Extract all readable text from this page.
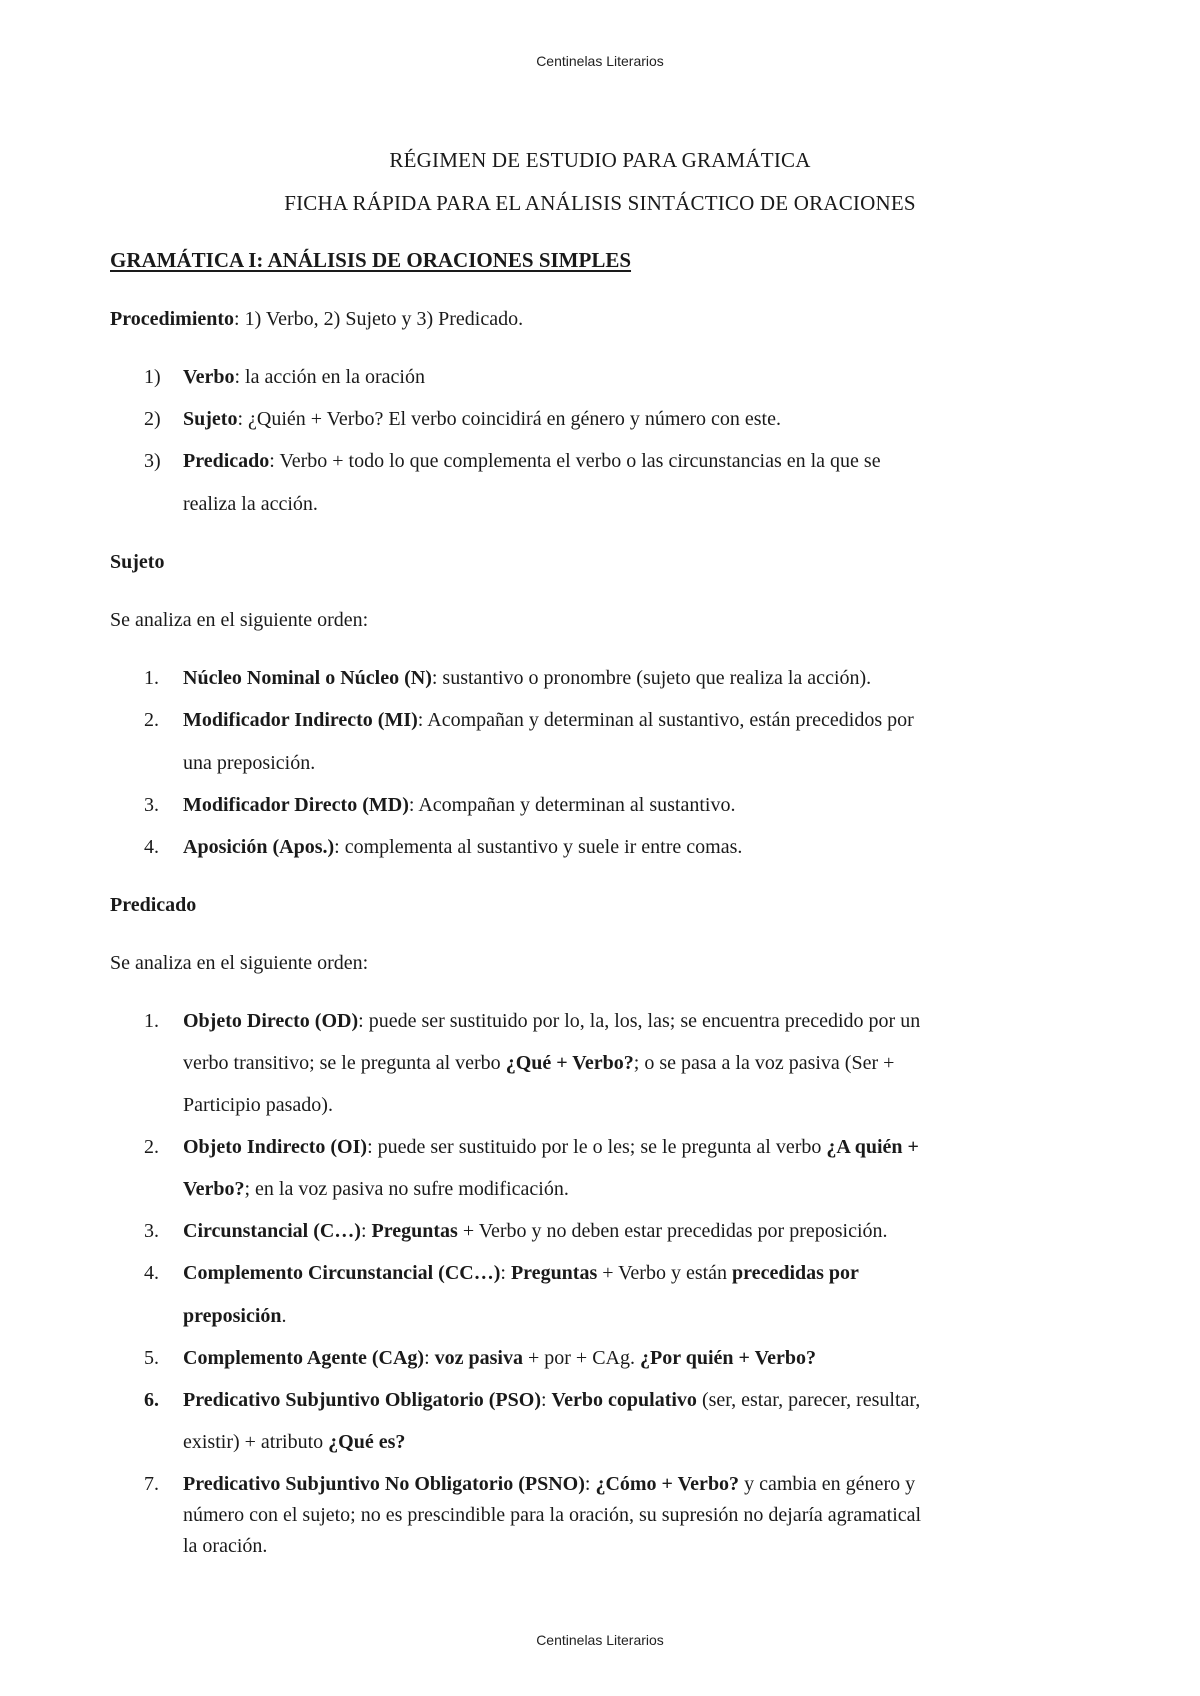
Centinelas Literarios
RÉGIMEN DE ESTUDIO PARA GRAMÁTICA
FICHA RÁPIDA PARA EL ANÁLISIS SINTÁCTICO DE ORACIONES
GRAMÁTICA I: ANÁLISIS DE ORACIONES SIMPLES
Procedimiento: 1) Verbo, 2) Sujeto y 3) Predicado.
1) Verbo: la acción en la oración
2) Sujeto: ¿Quién + Verbo? El verbo coincidirá en género y número con este.
3) Predicado: Verbo + todo lo que complementa el verbo o las circunstancias en la que se
realiza la acción.
Sujeto
Se analiza en el siguiente orden:
1. Núcleo Nominal o Núcleo (N): sustantivo o pronombre (sujeto que realiza la acción).
2. Modificador Indirecto (MI): Acompañan y determinan al sustantivo, están precedidos por
una preposición.
3. Modificador Directo (MD): Acompañan y determinan al sustantivo.
4. Aposición (Apos.): complementa al sustantivo y suele ir entre comas.
Predicado
Se analiza en el siguiente orden:
1. Objeto Directo (OD): puede ser sustituido por lo, la, los, las; se encuentra precedido por un
verbo transitivo; se le pregunta al verbo ¿Qué + Verbo?; o se pasa a la voz pasiva (Ser +
Participio pasado).
2. Objeto Indirecto (OI): puede ser sustituido por le o les; se le pregunta al verbo ¿A quién +
Verbo?; en la voz pasiva no sufre modificación.
3. Circunstancial (C…): Preguntas + Verbo y no deben estar precedidas por preposición.
4. Complemento Circunstancial (CC…): Preguntas + Verbo y están precedidas por
preposición.
5. Complemento Agente (CAg): voz pasiva + por + CAg. ¿Por quién + Verbo?
6. Predicativo Subjuntivo Obligatorio (PSO): Verbo copulativo (ser, estar, parecer, resultar,
existir) + atributo ¿Qué es?
7. Predicativo Subjuntivo No Obligatorio (PSNO): ¿Cómo + Verbo? y cambia en género y
número con el sujeto; no es prescindible para la oración, su supresión no dejaría agramatical
la oración.
Centinelas Literarios
